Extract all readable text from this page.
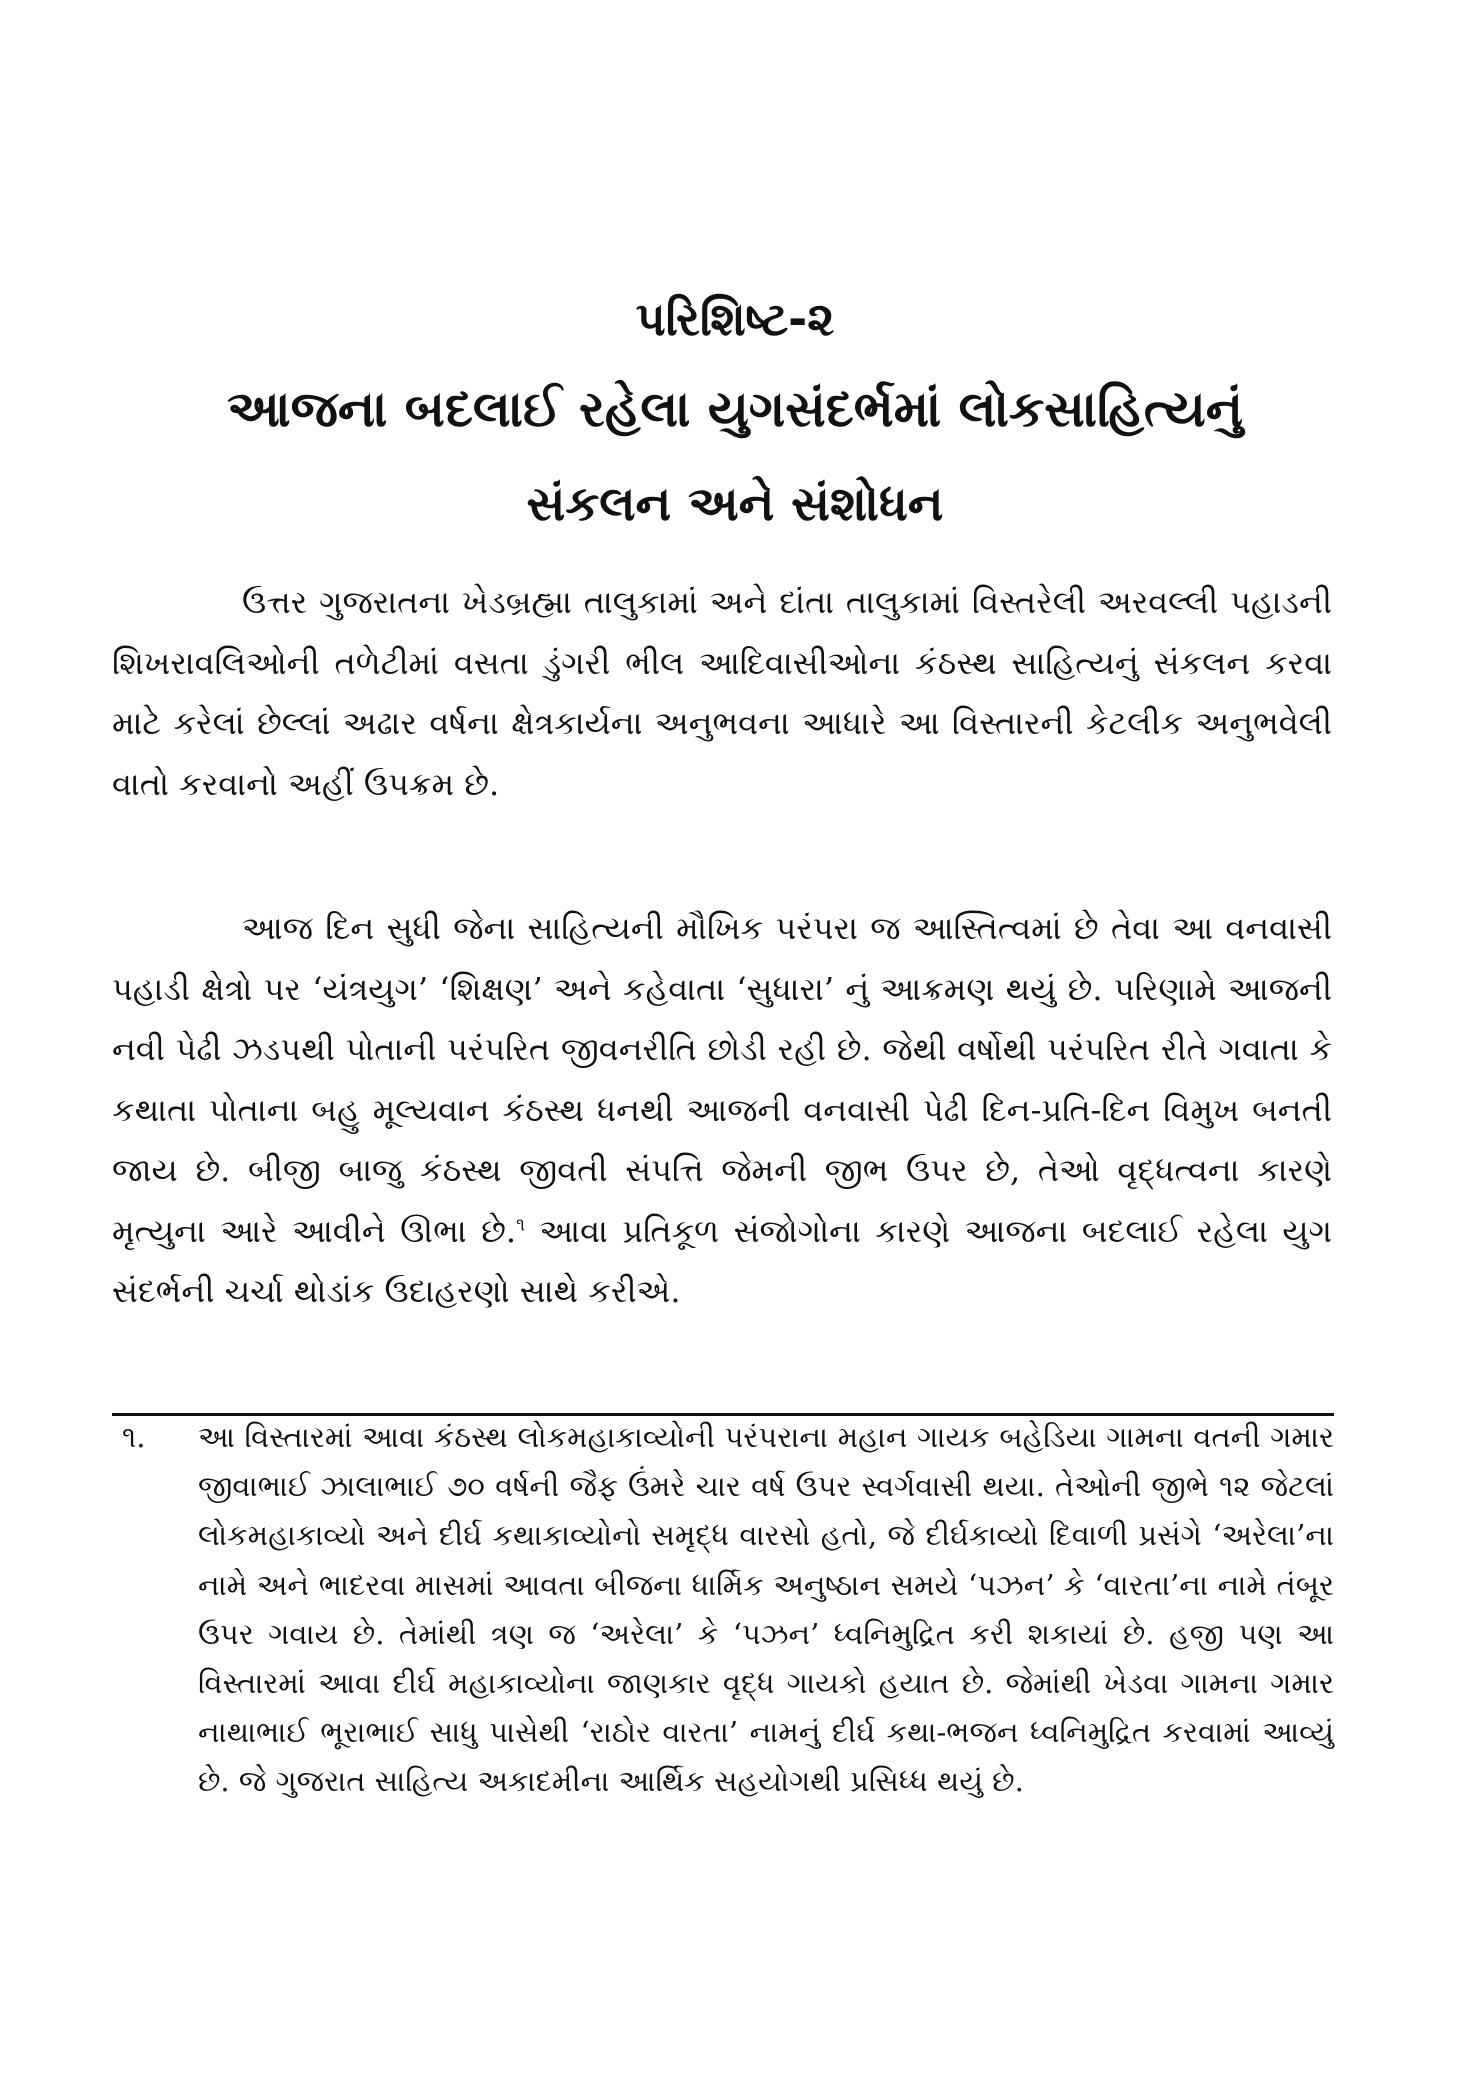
પરિશિષ્ટ-૨
આજના બદલાઈ રહેલા યુગસંદર્ભમાં લોકસાહિત્યનું
સંકલન અને સંશોધન

ઉત્તર ગુજરાતના ખેડબ્રહ્મા તાલુકામાં અને દાંતા તાલુકામાં વિસ્તરેલી અરવલ્લી પહાડની શિખરાવલિઓની તળેટીમાં વસતા ડુંગરી ભીલ આદિવાસીઓના કંઠસ્થ સાહિત્યનું સંકલન કરવા માટે કરેલાં છેલ્લાં અઢાર વર્ષના ક્ષેત્રકાર્યના અનુભવના આધારે આ વિસ્તારની કેટલીક અનુભવેલી વાતો કરવાનો અહીં ઉપક્રમ છે.

આજ દિન સુધી જેના સાહિત્યની મૌખિક પરંપરા જ આસ્તિત્વમાં છે તેવા આ વનવાસી પહાડી ક્ષેત્રો પર ‘યંત્રયુગ’ ‘શિક્ષણ’ અને કહેવાતા ‘સુધારા’ નું આક્રમણ થયું છે. પરિણામે આજની નવી પેઢી ઝડપથી પોતાની પરંપરિત જીવનરીતિ છોડી રહી છે. જેથી વર્ષોથી પરંપરિત રીતે ગવાતા કે કથાતા પોતાના બહુ મૂલ્યવાન કંઠસ્થ ધનથી આજની વનવાસી પેઢી દિન-પ્રતિ-દિન વિમુખ બનતી જાય છે. બીજી બાજુ કંઠસ્થ જીવતી સંપત્તિ જેમની જીભ ઉપર છે, તેઓ વૃદ્ધત્વના કારણે મૃત્યુના આરે આવીને ઊભા છે.$^૧$ આવા પ્રતિકૂળ સંજોગોના કારણે આજના બદલાઈ રહેલા યુગ સંદર્ભની ચર્ચા થોડાંક ઉદાહરણો સાથે કરીએ.

૧. આ વિસ્તારમાં આવા કંઠસ્થ લોકમહાકાવ્યોની પરંપરાના મહાન ગાયક બહેડિયા ગામના વતની ગમાર જીવાભાઈ ઝાલાભાઈ ૭૦ વર્ષની જૈફ ઉંમરે ચાર વર્ષ ઉપર સ્વર્ગવાસી થયા. તેઓની જીભે ૧૨ જેટલાં લોકમહાકાવ્યો અને દીર્ઘ કથાકાવ્યોનો સમૃદ્ધ વારસો હતો, જે દીર્ઘકાવ્યો દિવાળી પ્રસંગે ‘અરેલા’ના નામે અને ભાદરવા માસમાં આવતા બીજના ધાર્મિક અનુષ્ઠાન સમયે ‘પઝન’ કે ‘વારતા’ના નામે તંબૂર ઉપર ગવાય છે. તેમાંથી ત્રણ જ ‘અરેલા’ કે ‘પઝન’ ધ્વનિમુદ્રિત કરી શકાયાં છે. હજી પણ આ વિસ્તારમાં આવા દીર્ઘ મહાકાવ્યોના જાણકાર વૃદ્ધ ગાયકો હયાત છે. જેમાંથી ખેડવા ગામના ગમાર નાથાભાઈ ભૂરાભાઈ સાધુ પાસેથી ‘રાઠોર વારતા’ નામનું દીર્ઘ કથા-ભજન ધ્વનિમુદ્રિત કરવામાં આવ્યું છે. જે ગુજરાત સાહિત્ય અકાદમીના આર્થિક સહયોગથી પ્રસિધ્ધ થયું છે.
